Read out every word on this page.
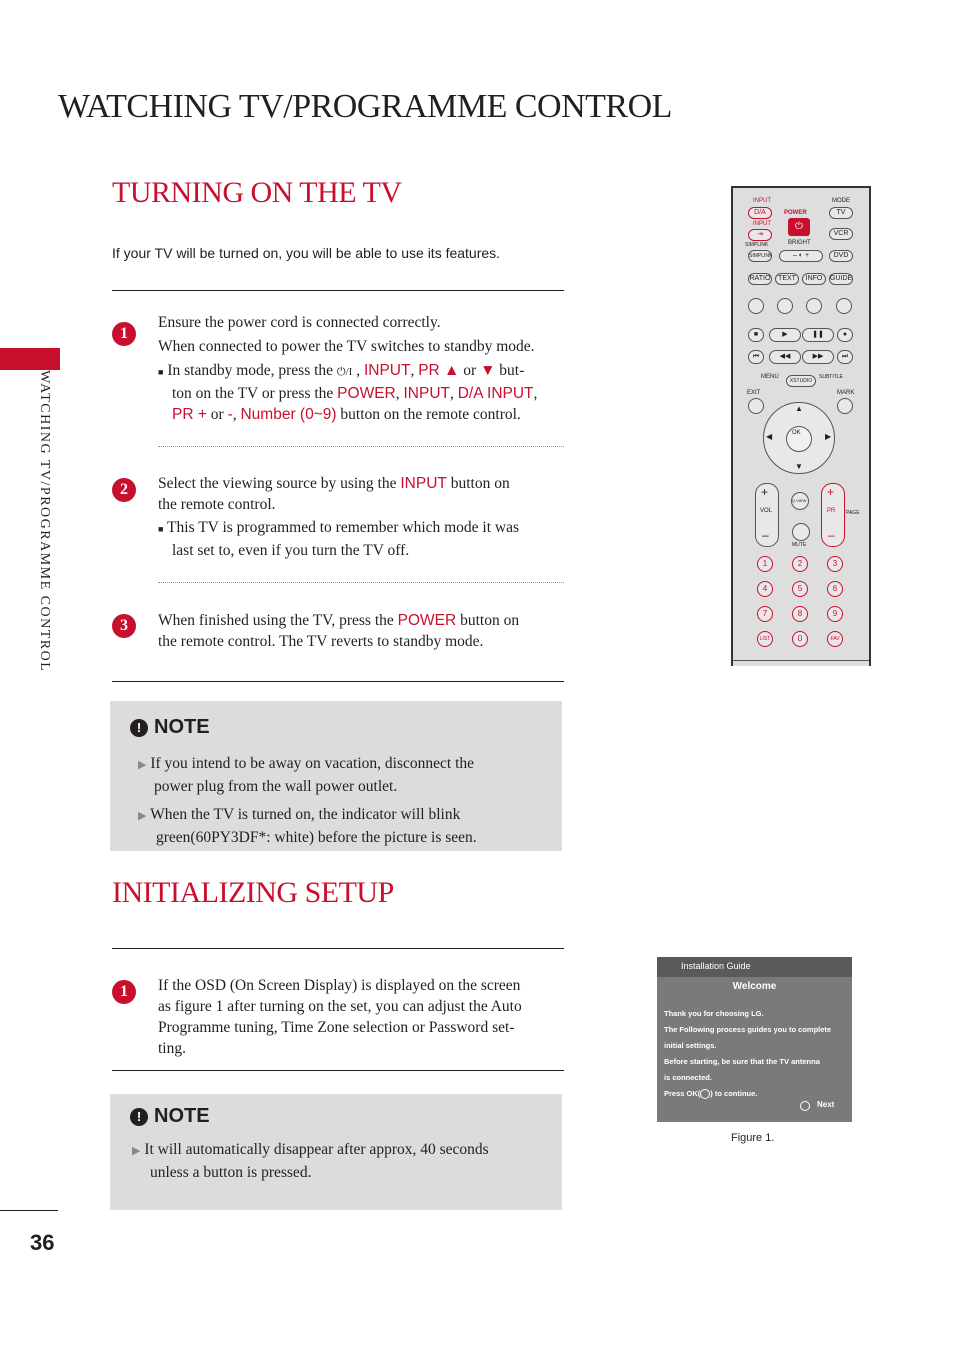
WATCHING TV/PROGRAMME CONTROL
WATCHING TV/PROGRAMME CONTROL
36
TURNING ON THE TV
If your TV will be turned on, you will be able to use its features.
1
Ensure the power cord is connected correctly.
When connected to power the TV switches to standby mode.
■ In standby mode, press the ⏻/I , INPUT, PR ▲ or ▼ but-
ton on the TV or press the POWER, INPUT, D/A INPUT,
PR + or -, Number (0~9) button on the remote control.
2	Select the viewing source by using the INPUT button on
the remote control.
■ This TV is programmed to remember which mode it was
last set to, even if you turn the TV off.
3	When finished using the TV, press the POWER button on
the remote control. The TV reverts to standby mode.
! NOTE
▶ If you intend to be away on vacation, disconnect the
power plug from the wall power outlet.
▶ When the TV is turned on, the indicator will blink
green(60PY3DF*: white) before the picture is seen.
INITIALIZING SETUP
1	If the OSD (On Screen Display) is displayed on the screen
as figure 1 after turning on the set, you can adjust the Auto
Programme tuning, Time Zone selection or Password set-
ting.
! NOTE
▶ It will automatically disappear after approx, 40 seconds
unless a button is pressed.
Installation Guide
Welcome
Thank you for choosing LG.
The Following process guides you to complete
initial settings.
Before starting, be sure that the TV antenna
is connected.
Press OK( ) to continue.
Next
Figure 1.
INPUT
D/A
INPUT
⇥
POWER
⏻
MODE
TV
SIMPLINK	BRIGHT
VCR
SIMPLINK	– ◐ +	DVD
RATIO	TEXT	INFO	GUIDE
■	▶	❚❚	●
⏮	◀◀	▶▶	⏭
MENU
XSTUDIO
SUBTITLE
EXIT	MARK
▲
▼
◀	▶
OK
+
–
VOL
Q.VIEW
+
–
PR PAGE
MUTE
1	2	3
4	5	6
7	8	9
LIST	0	FAV
